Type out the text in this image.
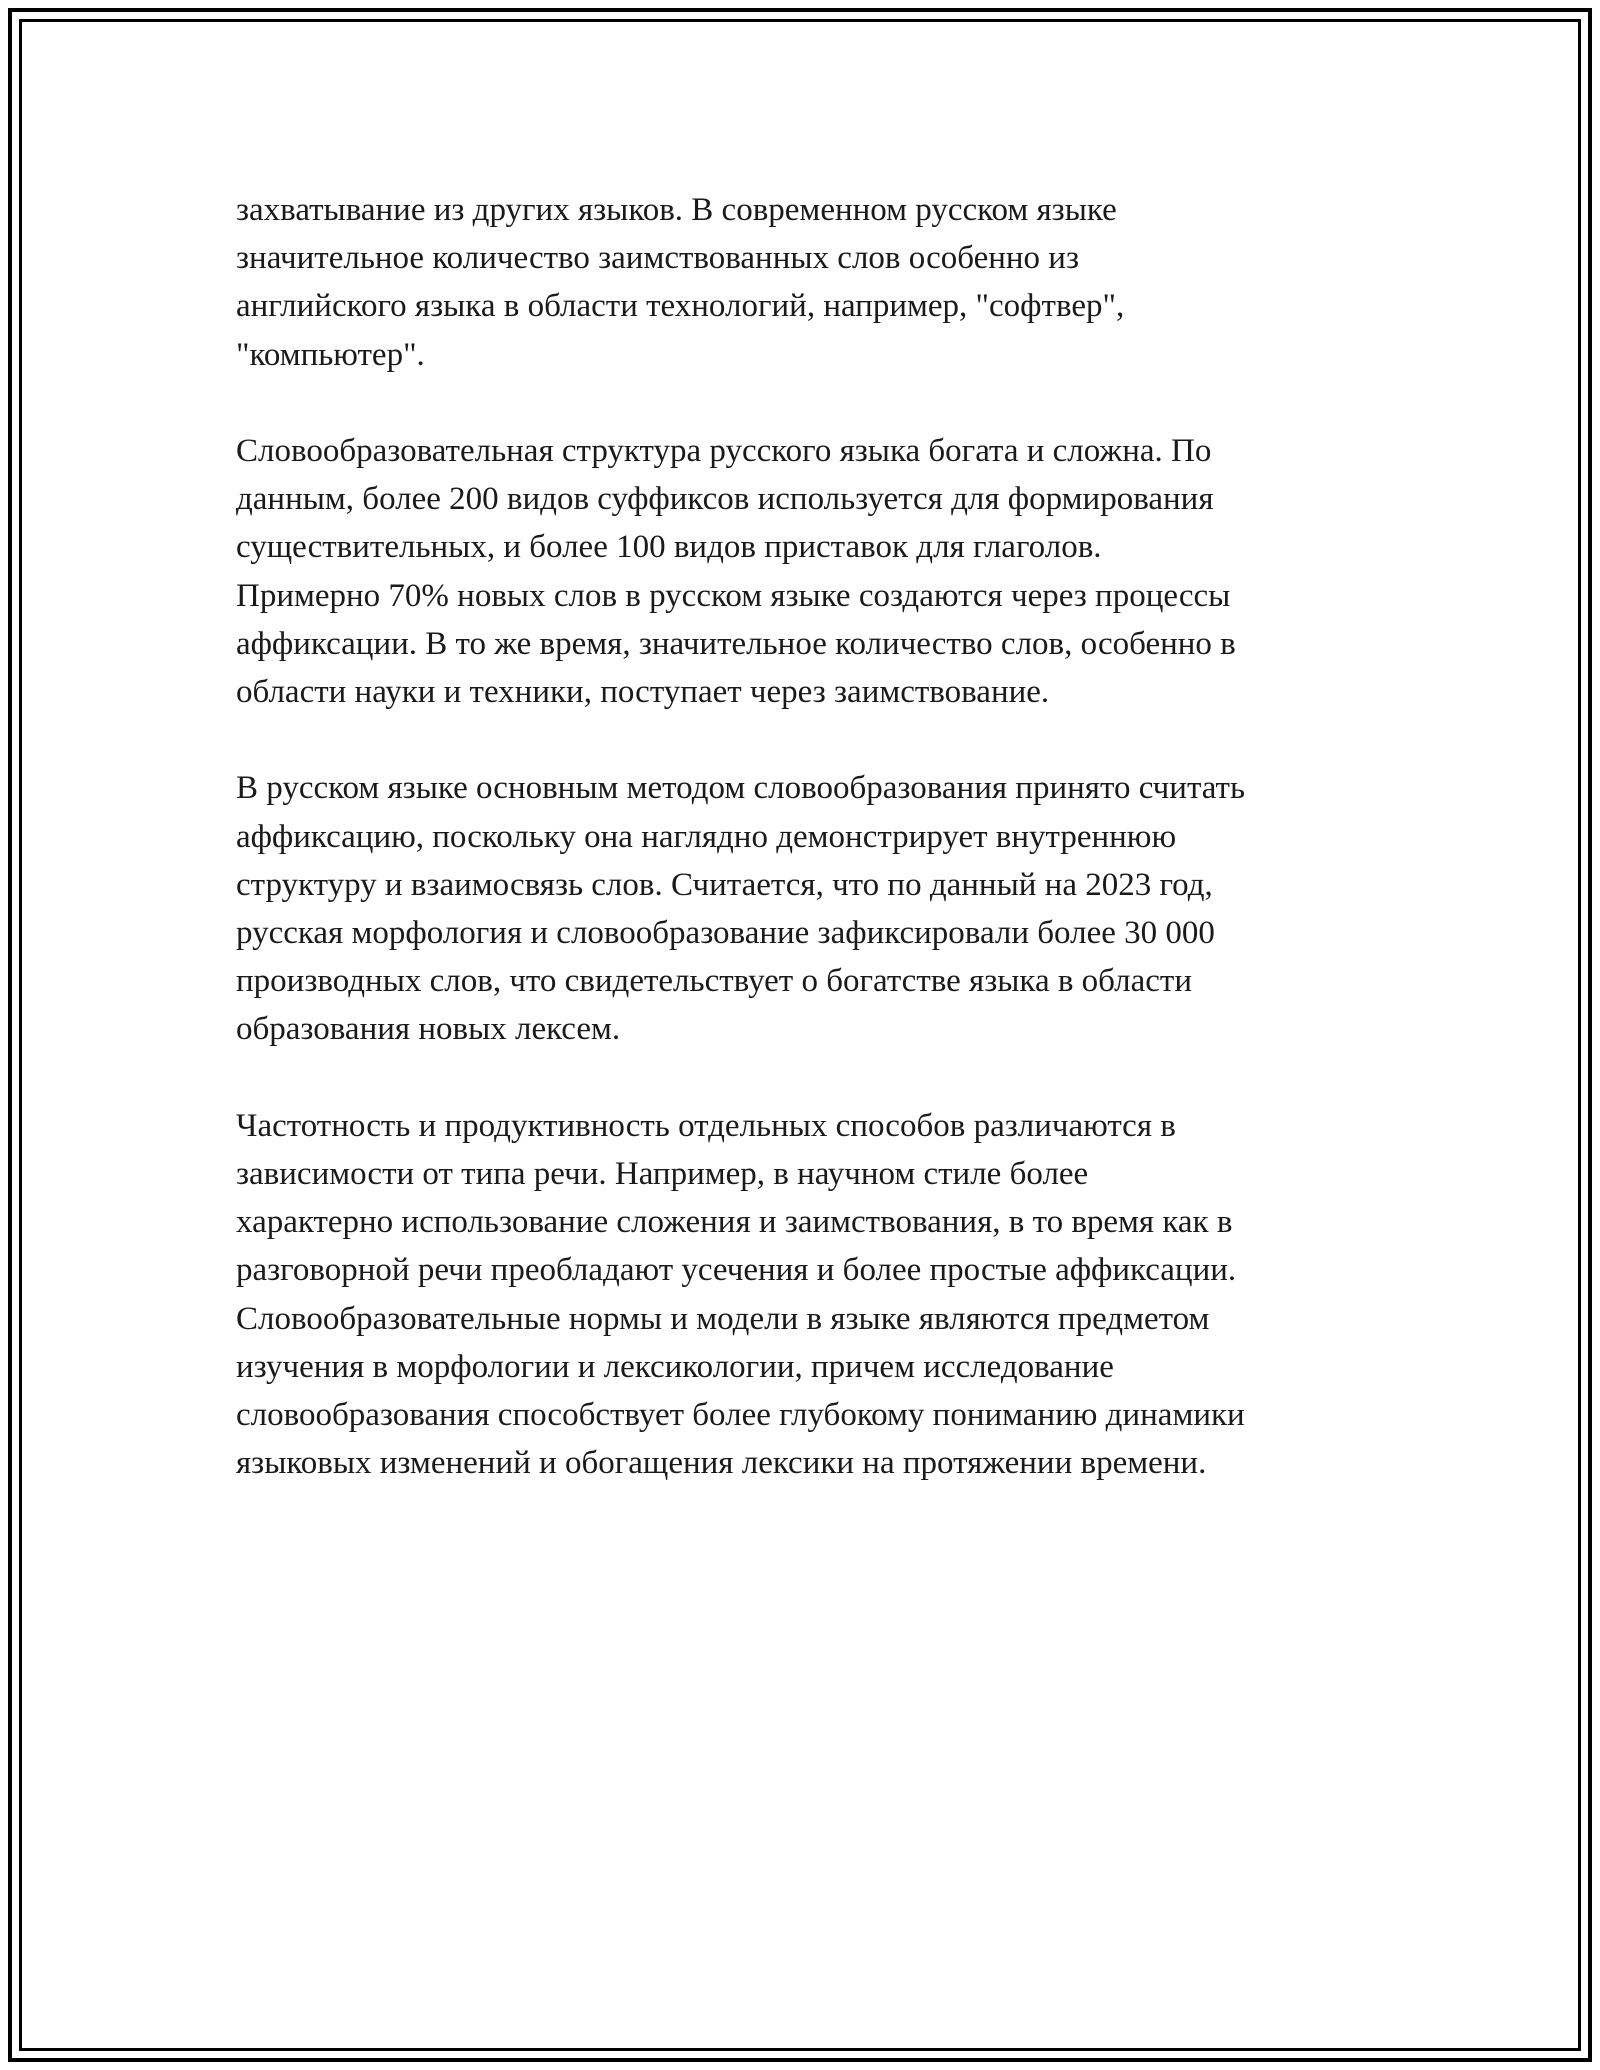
захватывание из других языков. В современном русском языке
значительное количество заимствованных слов особенно из
английского языка в области технологий, например, "софтвер",
"компьютер".

Словообразовательная структура русского языка богата и сложна. По
данным, более 200 видов суффиксов используется для формирования
существительных, и более 100 видов приставок для глаголов.
Примерно 70% новых слов в русском языке создаются через процессы
аффиксации. В то же время, значительное количество слов, особенно в
области науки и техники, поступает через заимствование.

В русском языке основным методом словообразования принято считать
аффиксацию, поскольку она наглядно демонстрирует внутреннюю
структуру и взаимосвязь слов. Считается, что по данный на 2023 год,
русская морфология и словообразование зафиксировали более 30 000
производных слов, что свидетельствует о богатстве языка в области
образования новых лексем.

Частотность и продуктивность отдельных способов различаются в
зависимости от типа речи. Например, в научном стиле более
характерно использование сложения и заимствования, в то время как в
разговорной речи преобладают усечения и более простые аффиксации.
Словообразовательные нормы и модели в языке являются предметом
изучения в морфологии и лексикологии, причем исследование
словообразования способствует более глубокому пониманию динамики
языковых изменений и обогащения лексики на протяжении времени.
